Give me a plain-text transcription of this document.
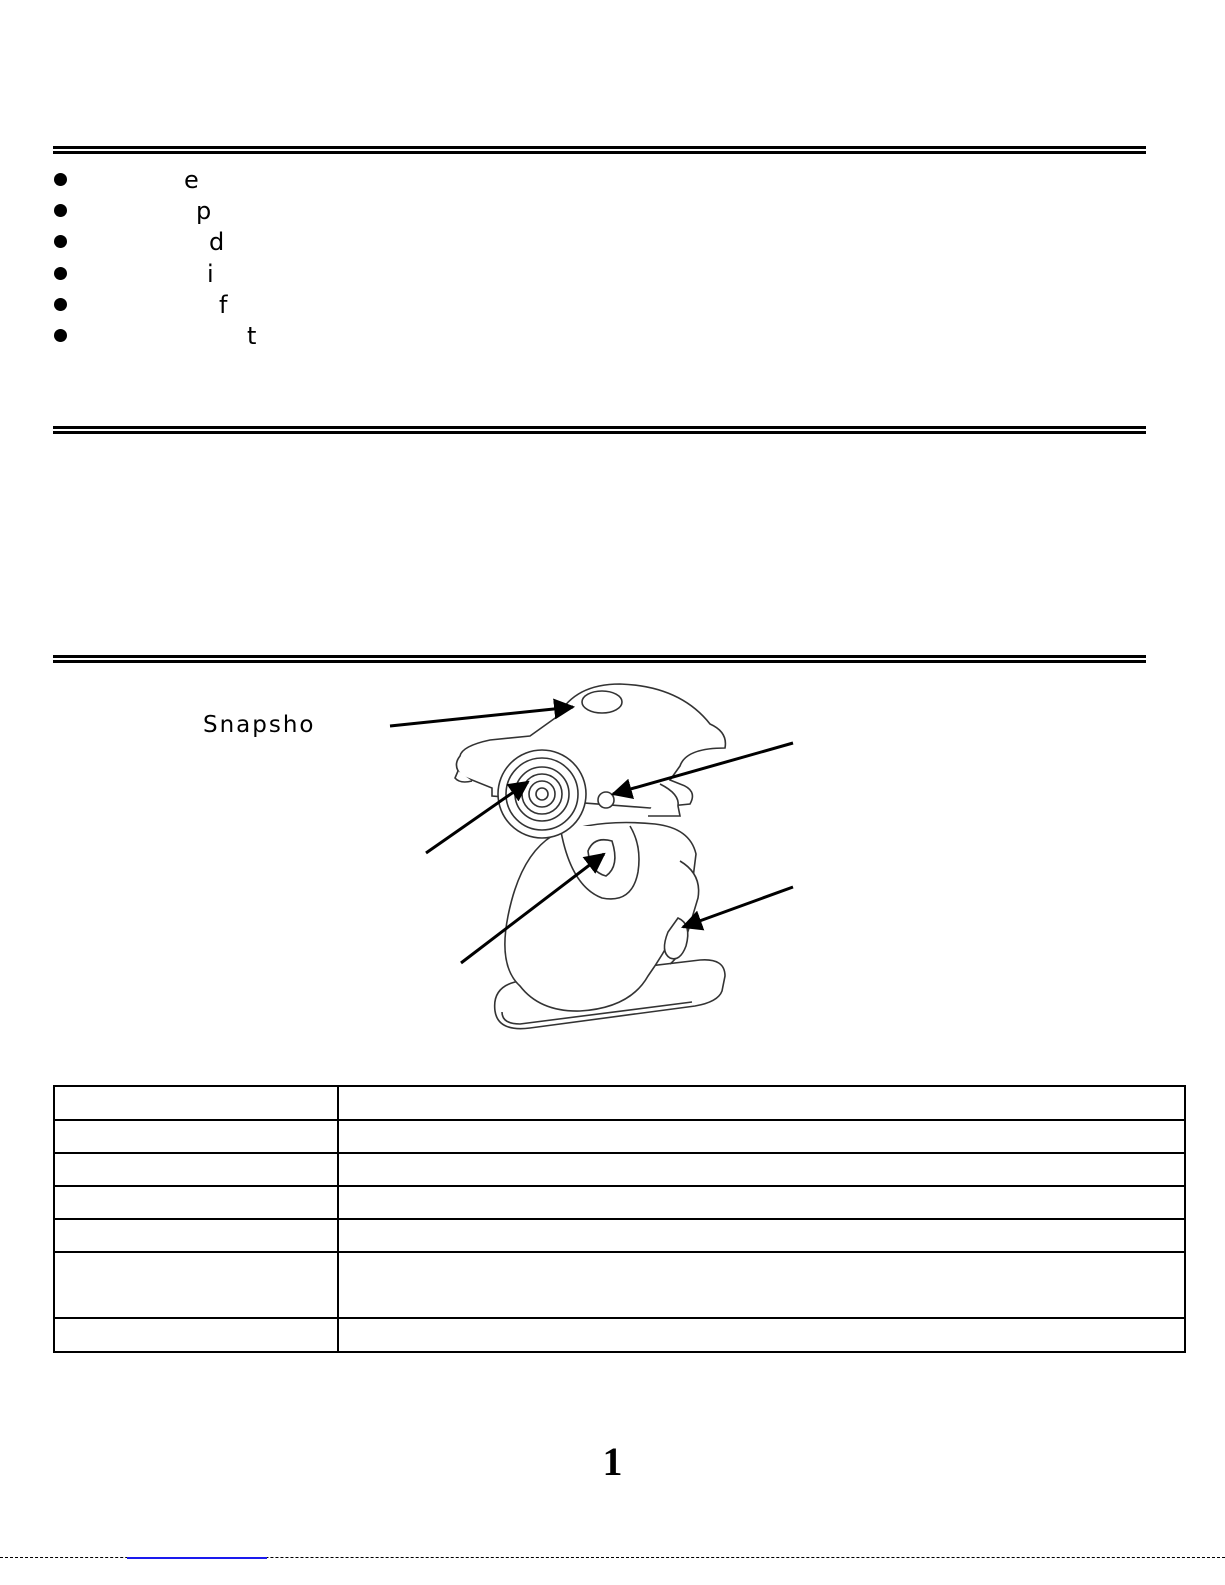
e
p
d
i
f
t
Snapsho

1
